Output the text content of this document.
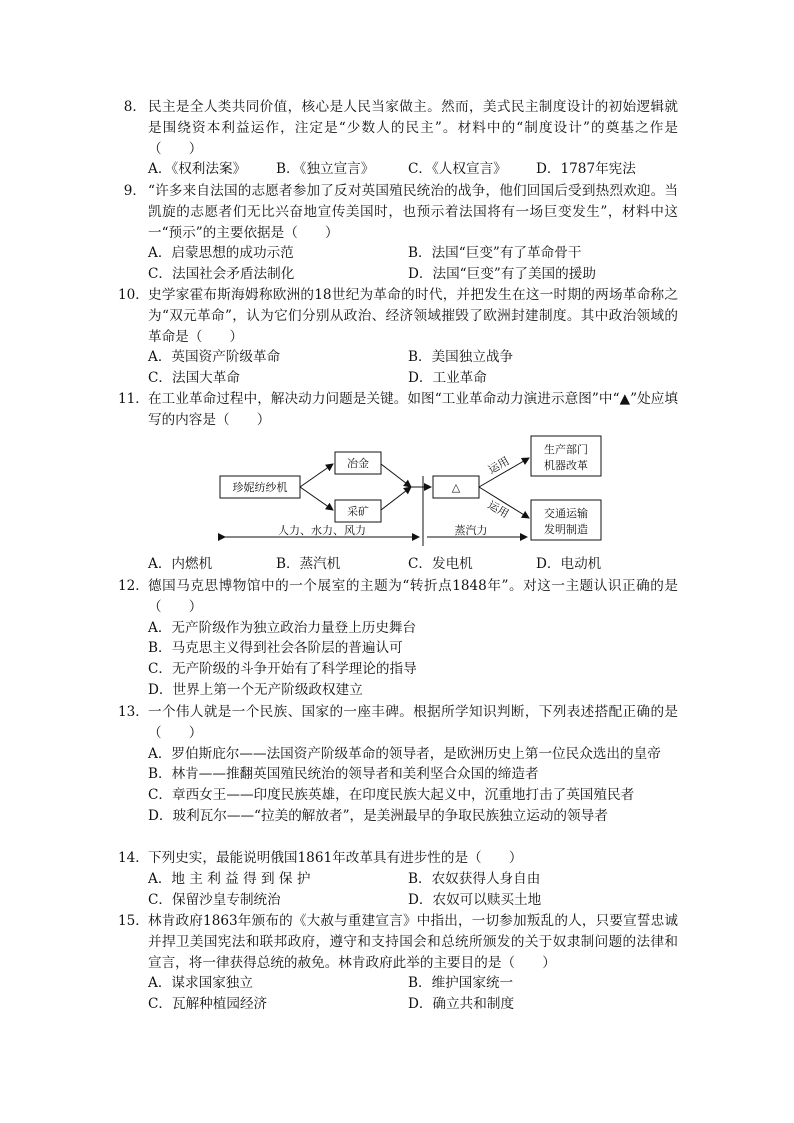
8． 民主是全人类共同价值，核心是人民当家做主。然而，美式民主制度设计的初始逻辑就是围绕资本利益运作，注定是“少数人的民主”。材料中的“制度设计”的奠基之作是（　　）
A．《权利法案》	B．《独立宣言》	C．《人权宣言》	D．1787年宪法
9． “许多来自法国的志愿者参加了反对英国殖民统治的战争，他们回国后受到热烈欢迎。当凯旋的志愿者们无比兴奋地宣传美国时，也预示着法国将有一场巨变发生”，材料中这一“预示”的主要依据是（　　）
A．启蒙思想的成功示范	B．法国“巨变”有了革命骨干
C．法国社会矛盾法制化	D．法国“巨变”有了美国的援助
10． 史学家霍布斯海姆称欧洲的18世纪为革命的时代，并把发生在这一时期的两场革命称之为“双元革命”，认为它们分别从政治、经济领域摧毁了欧洲封建制度。其中政治领域的革命是（　　）
A．英国资产阶级革命	B．美国独立战争
C．法国大革命	D．工业革命
11． 在工业革命过程中，解决动力问题是关键。如图“工业革命动力演进示意图”中“▲”处应填写的内容是（　　）
珍妮纺纱机
冶金
采矿
△
生产部门
机器改革
交通运输
发明制造
运用
运用
人力、水力、风力	蒸汽力
A．内燃机	B．蒸汽机	C．发电机	D．电动机
12． 德国马克思博物馆中的一个展室的主题为“转折点1848年”。对这一主题认识正确的是（　　）
A．无产阶级作为独立政治力量登上历史舞台
B．马克思主义得到社会各阶层的普遍认可
C．无产阶级的斗争开始有了科学理论的指导
D．世界上第一个无产阶级政权建立
13． 一个伟人就是一个民族、国家的一座丰碑。根据所学知识判断，下列表述搭配正确的是（　　）
A．罗伯斯庇尔——法国资产阶级革命的领导者，是欧洲历史上第一位民众选出的皇帝
B．林肯——推翻英国殖民统治的领导者和美利坚合众国的缔造者
C．章西女王——印度民族英雄，在印度民族大起义中，沉重地打击了英国殖民者
D．玻利瓦尔——“拉美的解放者”，是美洲最早的争取民族独立运动的领导者
14． 下列史实，最能说明俄国1861年改革具有进步性的是（　　）
A．地 主 利 益 得 到 保 护	B．农奴获得人身自由
C．保留沙皇专制统治	D．农奴可以赎买土地
15． 林肯政府1863年颁布的《大赦与重建宣言》中指出，一切参加叛乱的人，只要宣誓忠诚并捍卫美国宪法和联邦政府，遵守和支持国会和总统所颁发的关于奴隶制问题的法律和宣言，将一律获得总统的赦免。林肯政府此举的主要目的是（　　）
A．谋求国家独立	B．维护国家统一
C．瓦解种植园经济	D．确立共和制度
